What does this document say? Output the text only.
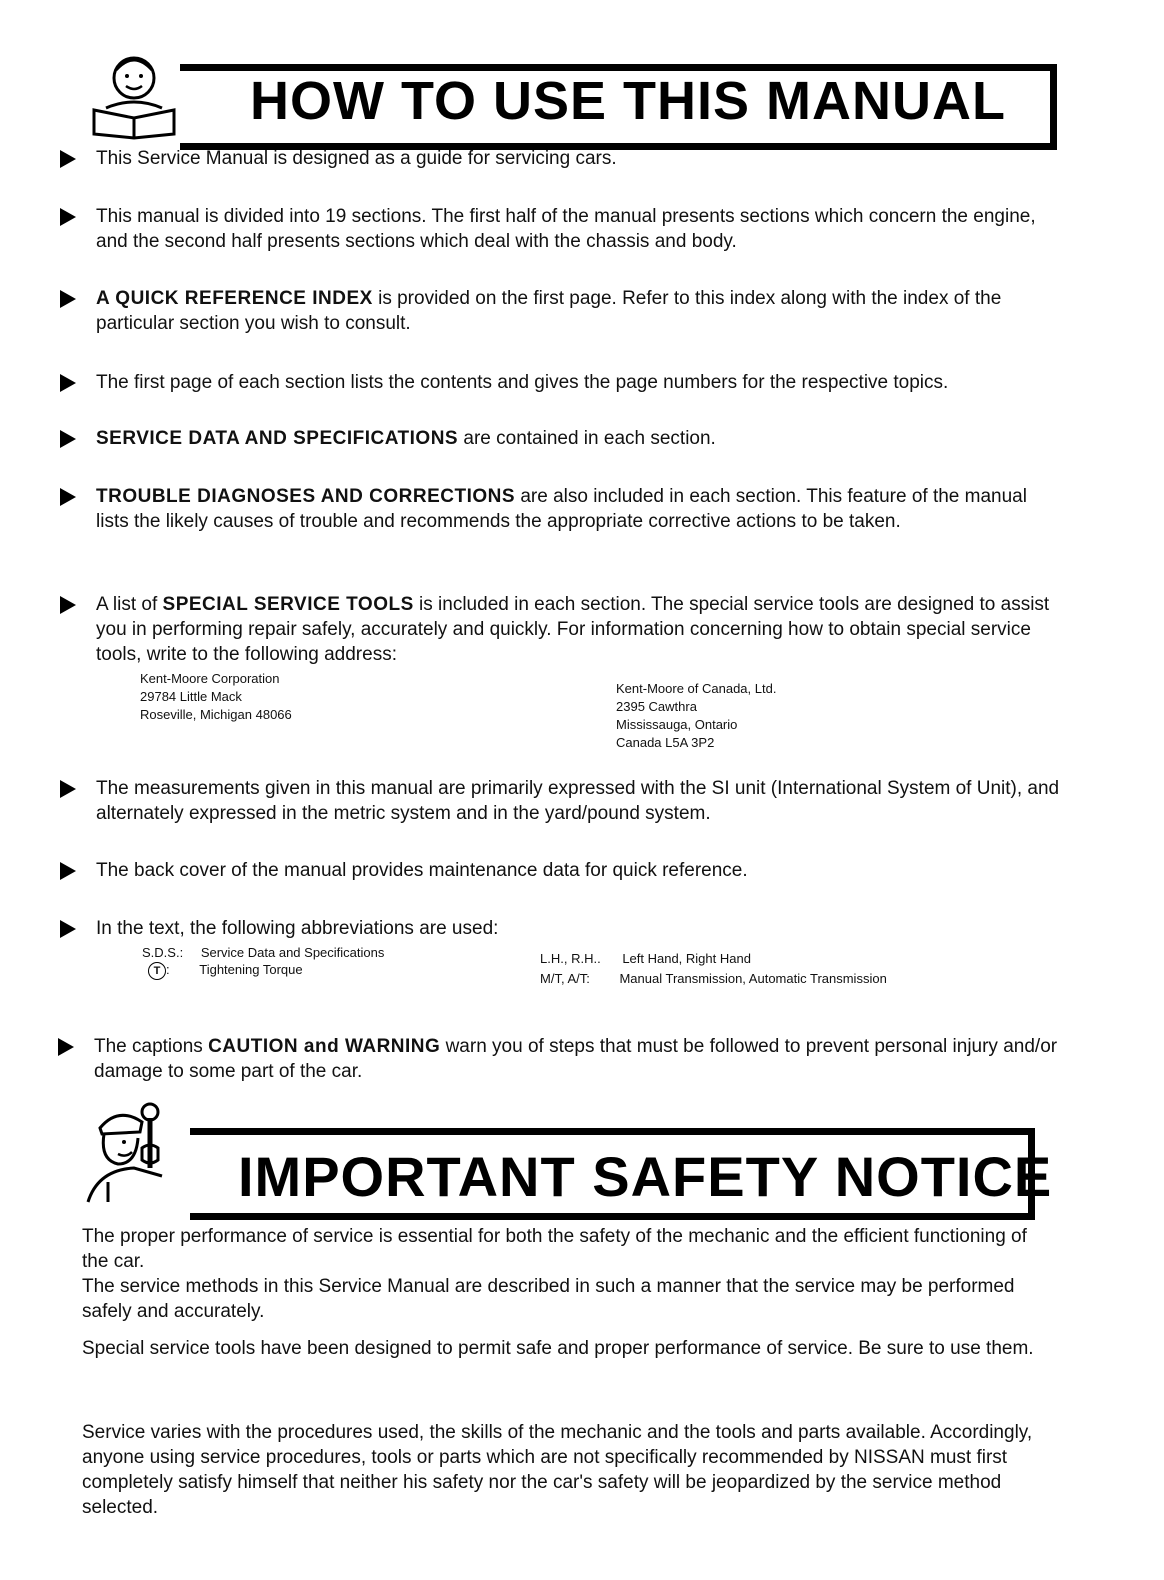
HOW TO USE THIS MANUAL
This Service Manual is designed as a guide for servicing cars.
This manual is divided into 19 sections. The first half of the manual presents sections which concern the engine, and the second half presents sections which deal with the chassis and body.
A QUICK REFERENCE INDEX is provided on the first page. Refer to this index along with the index of the particular section you wish to consult.
The first page of each section lists the contents and gives the page numbers for the respective topics.
SERVICE DATA AND SPECIFICATIONS are contained in each section.
TROUBLE DIAGNOSES AND CORRECTIONS are also included in each section. This feature of the manual lists the likely causes of trouble and recommends the appropriate corrective actions to be taken.
A list of SPECIAL SERVICE TOOLS is included in each section. The special service tools are designed to assist you in performing repair safely, accurately and quickly. For information concerning how to obtain special service tools, write to the following address:
Kent-Moore Corporation
29784 Little Mack
Roseville, Michigan 48066
Kent-Moore of Canada, Ltd.
2395 Cawthra
Mississauga, Ontario
Canada L5A 3P2
The measurements given in this manual are primarily expressed with the SI unit (International System of Unit), and alternately expressed in the metric system and in the yard/pound system.
The back cover of the manual provides maintenance data for quick reference.
In the text, the following abbreviations are used:
S.D.S.: Service Data and Specifications
T : Tightening Torque
L.H., R.H.. Left Hand, Right Hand
M/T, A/T: Manual Transmission, Automatic Transmission
The captions CAUTION and WARNING warn you of steps that must be followed to prevent personal injury and/or damage to some part of the car.
IMPORTANT SAFETY NOTICE

The proper performance of service is essential for both the safety of the mechanic and the efficient functioning of the car.

The service methods in this Service Manual are described in such a manner that the service may be performed safely and accurately.

Special service tools have been designed to permit safe and proper performance of service. Be sure to use them.

Service varies with the procedures used, the skills of the mechanic and the tools and parts available. Accordingly, anyone using service procedures, tools or parts which are not specifically recommended by NISSAN must first completely satisfy himself that neither his safety nor the car's safety will be jeopardized by the service method selected.
